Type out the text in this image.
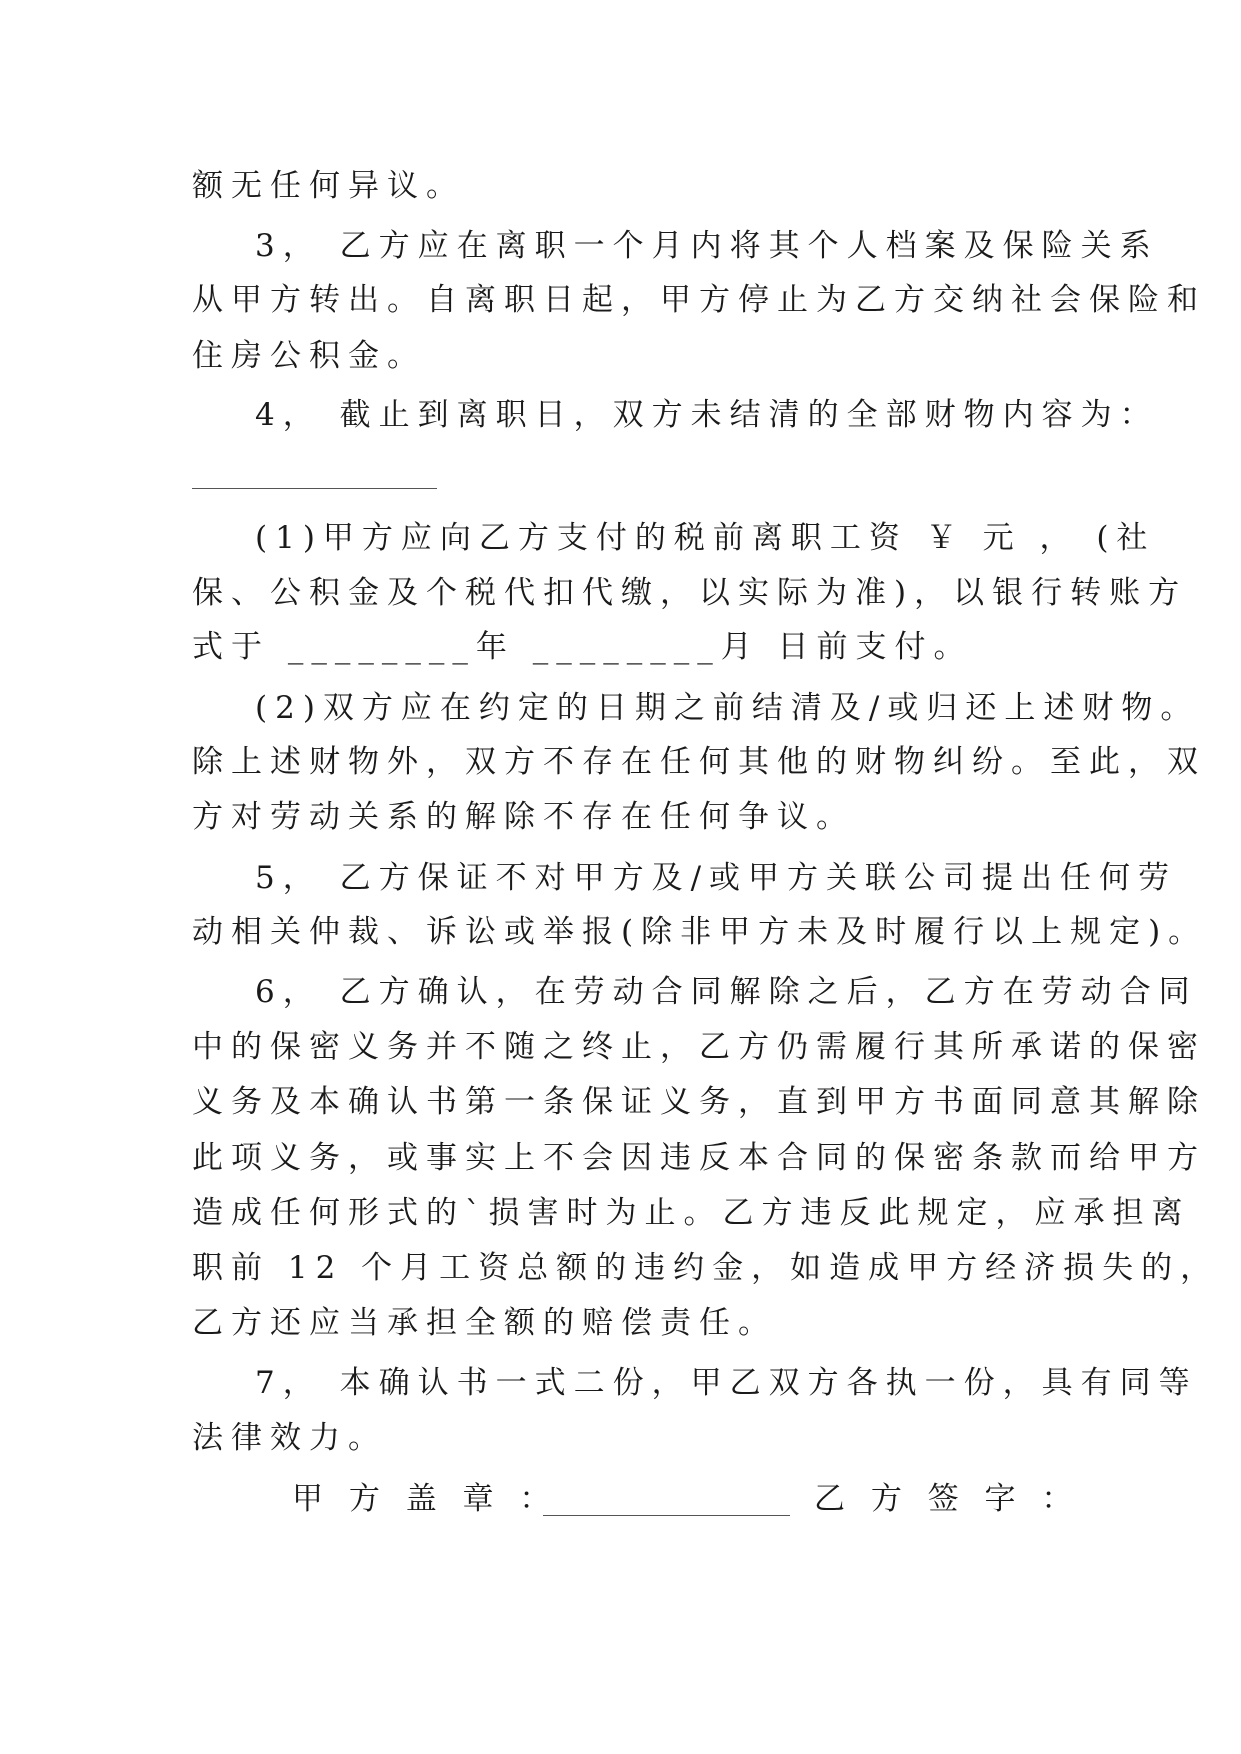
额无任何异议。
3， 乙方应在离职一个月内将其个人档案及保险关系
从甲方转出。自离职日起，甲方停止为乙方交纳社会保险和
住房公积金。
4， 截止到离职日，双方未结清的全部财物内容为：
(1)甲方应向乙方支付的税前离职工资 ￥ 元 ， (社
保、公积金及个税代扣代缴，以实际为准)，以银行转账方
式于 ________年 ________月 日前支付。
(2)双方应在约定的日期之前结清及/或归还上述财物。
除上述财物外，双方不存在任何其他的财物纠纷。至此，双
方对劳动关系的解除不存在任何争议。
5， 乙方保证不对甲方及/或甲方关联公司提出任何劳
动相关仲裁、诉讼或举报(除非甲方未及时履行以上规定)。
6， 乙方确认，在劳动合同解除之后，乙方在劳动合同
中的保密义务并不随之终止，乙方仍需履行其所承诺的保密
义务及本确认书第一条保证义务，直到甲方书面同意其解除
此项义务，或事实上不会因违反本合同的保密条款而给甲方
造成任何形式的`损害时为止。乙方违反此规定，应承担离
职前 12 个月工资总额的违约金，如造成甲方经济损失的，
乙方还应当承担全额的赔偿责任。
7， 本确认书一式二份，甲乙双方各执一份，具有同等
法律效力。
甲 方 盖 章 ：	乙 方 签 字 ：
